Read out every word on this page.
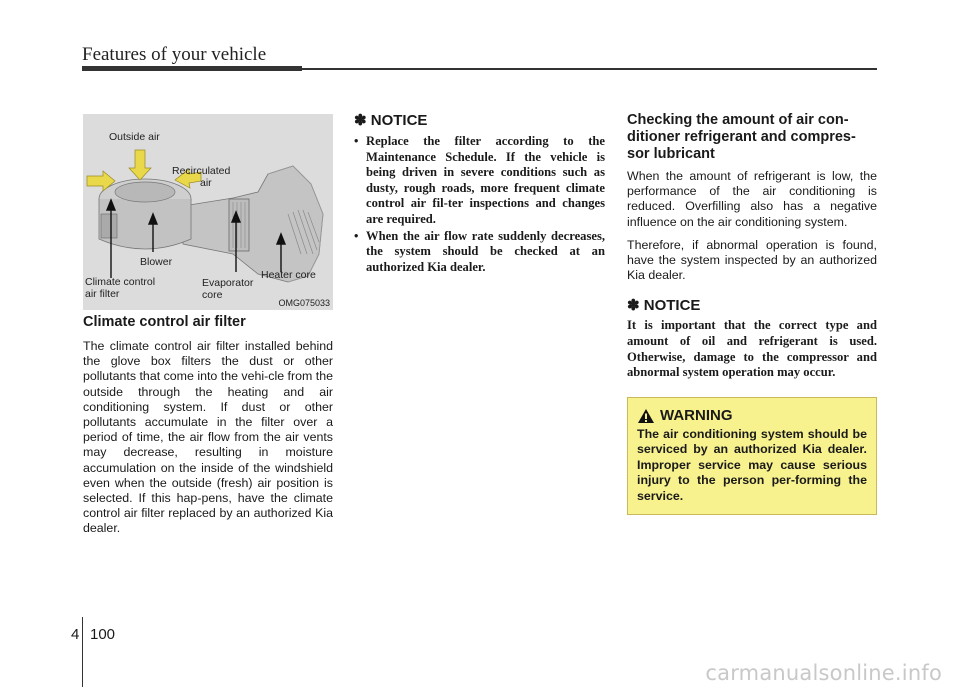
Features of your vehicle
Outside air
Recirculated
air
Blower
Climate control
air filter
Evaporator
core
Heater core
OMG075033
Climate control air filter

The climate control air filter installed behind the glove box filters the dust or other pollutants that come into the vehi-cle from the outside through the heating and air conditioning system. If dust or other pollutants accumulate in the filter over a period of time, the air flow from the air vents may decrease, resulting in moisture accumulation on the inside of the windshield even when the outside (fresh) air position is selected. If this hap-pens, have the climate control air filter replaced by an authorized Kia dealer.

✽ NOTICE
• Replace the filter according to the Maintenance Schedule. If the vehicle is being driven in severe conditions such as dusty, rough roads, more frequent climate control air fil-ter inspections and changes are required.
• When the air flow rate suddenly decreases, the system should be checked at an authorized Kia dealer.
Checking the amount of air con-ditioner refrigerant and compres-sor lubricant

When the amount of refrigerant is low, the performance of the air conditioning is reduced. Overfilling also has a negative influence on the air conditioning system.

Therefore, if abnormal operation is found, have the system inspected by an authorized Kia dealer.

✽ NOTICE

It is important that the correct type and amount of oil and refrigerant is used. Otherwise, damage to the compressor and abnormal system operation may occur.

WARNING
The air conditioning system should be serviced by an authorized Kia dealer. Improper service may cause serious injury to the person per-forming the service.
4 100
carmanualsonline.info
